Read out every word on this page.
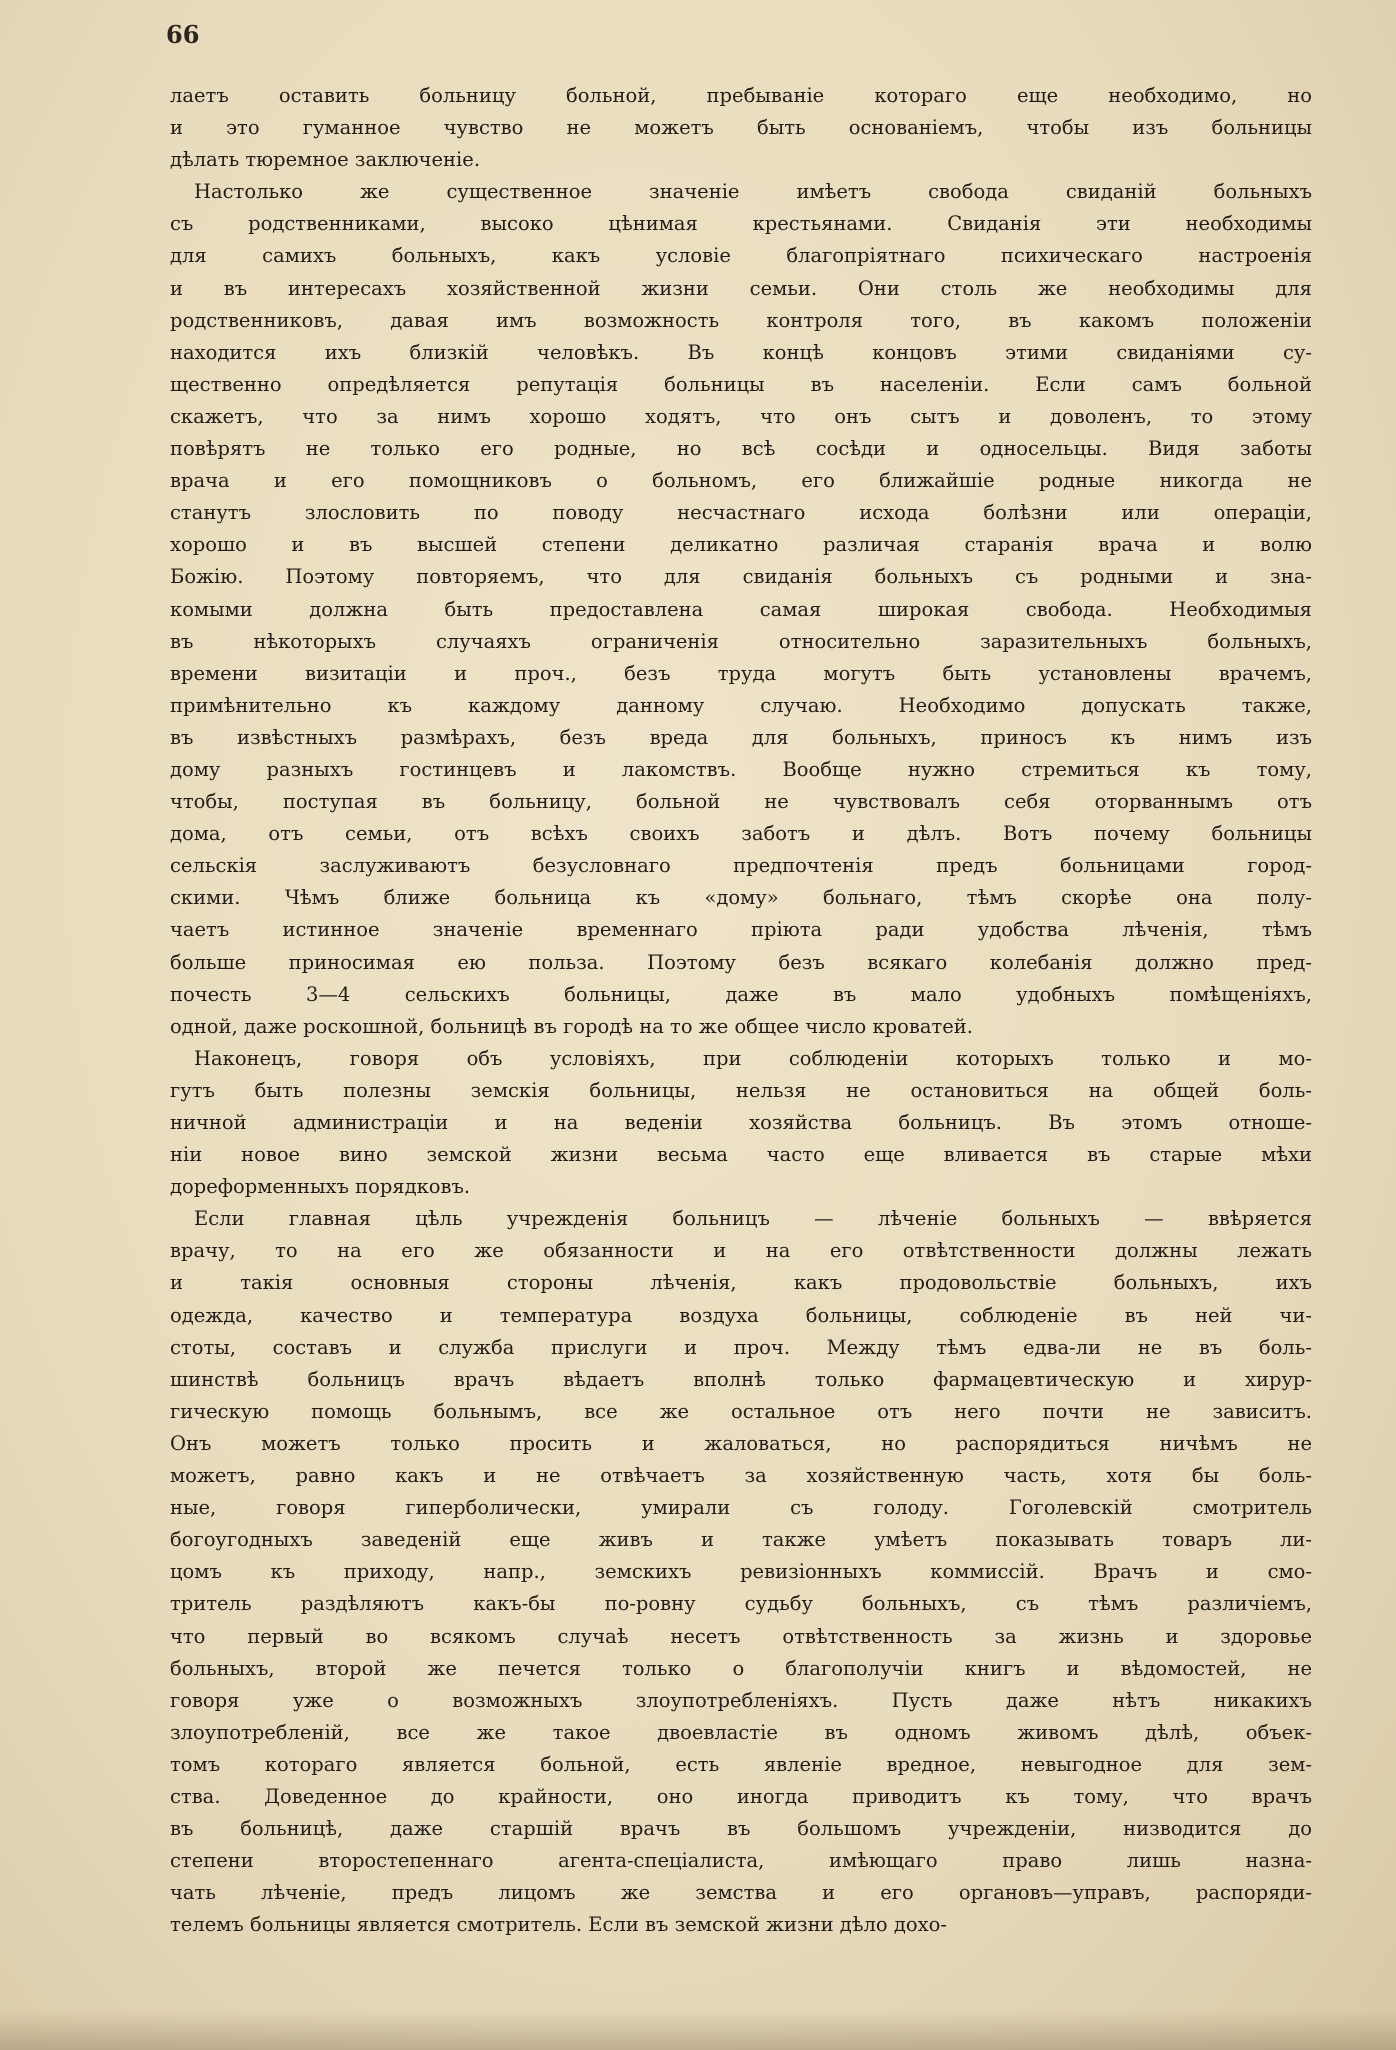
66
лаетъ оставить больницу больной, пребываніе котораго еще необходимо, но
и это гуманное чувство не можетъ быть основаніемъ, чтобы изъ больницы
дѣлать тюремное заключеніе.
Настолько же существенное значеніе имѣетъ свобода свиданій больныхъ
съ родственниками, высоко цѣнимая крестьянами. Свиданія эти необходимы
для самихъ больныхъ, какъ условіе благопріятнаго психическаго настроенія
и въ интересахъ хозяйственной жизни семьи. Они столь же необходимы для
родственниковъ, давая имъ возможность контроля того, въ какомъ положеніи
находится ихъ близкій человѣкъ. Въ концѣ концовъ этими свиданіями су-
щественно опредѣляется репутація больницы въ населеніи. Если самъ больной
скажетъ, что за нимъ хорошо ходятъ, что онъ сытъ и доволенъ, то этому
повѣрятъ не только его родные, но всѣ сосѣди и односельцы. Видя заботы
врача и его помощниковъ о больномъ, его ближайшіе родные никогда не
станутъ злословить по поводу несчастнаго исхода болѣзни или операціи,
хорошо и въ высшей степени деликатно различая старанія врача и волю
Божію. Поэтому повторяемъ, что для свиданія больныхъ съ родными и зна-
комыми должна быть предоставлена самая широкая свобода. Необходимыя
въ нѣкоторыхъ случаяхъ ограниченія относительно заразительныхъ больныхъ,
времени визитаціи и проч., безъ труда могутъ быть установлены врачемъ,
примѣнительно къ каждому данному случаю. Необходимо допускать также,
въ извѣстныхъ размѣрахъ, безъ вреда для больныхъ, приносъ къ нимъ изъ
дому разныхъ гостинцевъ и лакомствъ. Вообще нужно стремиться къ тому,
чтобы, поступая въ больницу, больной не чувствовалъ себя оторваннымъ отъ
дома, отъ семьи, отъ всѣхъ своихъ заботъ и дѣлъ. Вотъ почему больницы
сельскія заслуживаютъ безусловнаго предпочтенія предъ больницами город-
скими. Чѣмъ ближе больница къ «дому» больнаго, тѣмъ скорѣе она полу-
чаетъ истинное значеніе временнаго пріюта ради удобства лѣченія, тѣмъ
больше приносимая ею польза. Поэтому безъ всякаго колебанія должно пред-
почесть 3—4 сельскихъ больницы, даже въ мало удобныхъ помѣщеніяхъ,
одной, даже роскошной, больницѣ въ городѣ на то же общее число кроватей.
Наконецъ, говоря объ условіяхъ, при соблюденіи которыхъ только и мо-
гутъ быть полезны земскія больницы, нельзя не остановиться на общей боль-
ничной администраціи и на веденіи хозяйства больницъ. Въ этомъ отноше-
ніи новое вино земской жизни весьма часто еще вливается въ старые мѣхи
дореформенныхъ порядковъ.
Если главная цѣль учрежденія больницъ — лѣченіе больныхъ — ввѣряется
врачу, то на его же обязанности и на его отвѣтственности должны лежать
и такія основныя стороны лѣченія, какъ продовольствіе больныхъ, ихъ
одежда, качество и температура воздуха больницы, соблюденіе въ ней чи-
стоты, составъ и служба прислуги и проч. Между тѣмъ едва-ли не въ боль-
шинствѣ больницъ врачъ вѣдаетъ вполнѣ только фармацевтическую и хирур-
гическую помощь больнымъ, все же остальное отъ него почти не зависитъ.
Онъ можетъ только просить и жаловаться, но распорядиться ничѣмъ не
можетъ, равно какъ и не отвѣчаетъ за хозяйственную часть, хотя бы боль-
ные, говоря гиперболически, умирали съ голоду. Гоголевскій смотритель
богоугодныхъ заведеній еще живъ и также умѣетъ показывать товаръ ли-
цомъ къ приходу, напр., земскихъ ревизіонныхъ коммиссій. Врачъ и смо-
тритель раздѣляютъ какъ-бы по-ровну судьбу больныхъ, съ тѣмъ различіемъ,
что первый во всякомъ случаѣ несетъ отвѣтственность за жизнь и здоровье
больныхъ, второй же печется только о благополучіи книгъ и вѣдомостей, не
говоря уже о возможныхъ злоупотребленіяхъ. Пусть даже нѣтъ никакихъ
злоупотребленій, все же такое двоевластіе въ одномъ живомъ дѣлѣ, объек-
томъ котораго является больной, есть явленіе вредное, невыгодное для зем-
ства. Доведенное до крайности, оно иногда приводитъ къ тому, что врачъ
въ больницѣ, даже старшій врачъ въ большомъ учрежденіи, низводится до
степени второстепеннаго агента-спеціалиста, имѣющаго право лишь назна-
чать лѣченіе, предъ лицомъ же земства и его органовъ—управъ, распоряди-
телемъ больницы является смотритель. Если въ земской жизни дѣло дохо-
